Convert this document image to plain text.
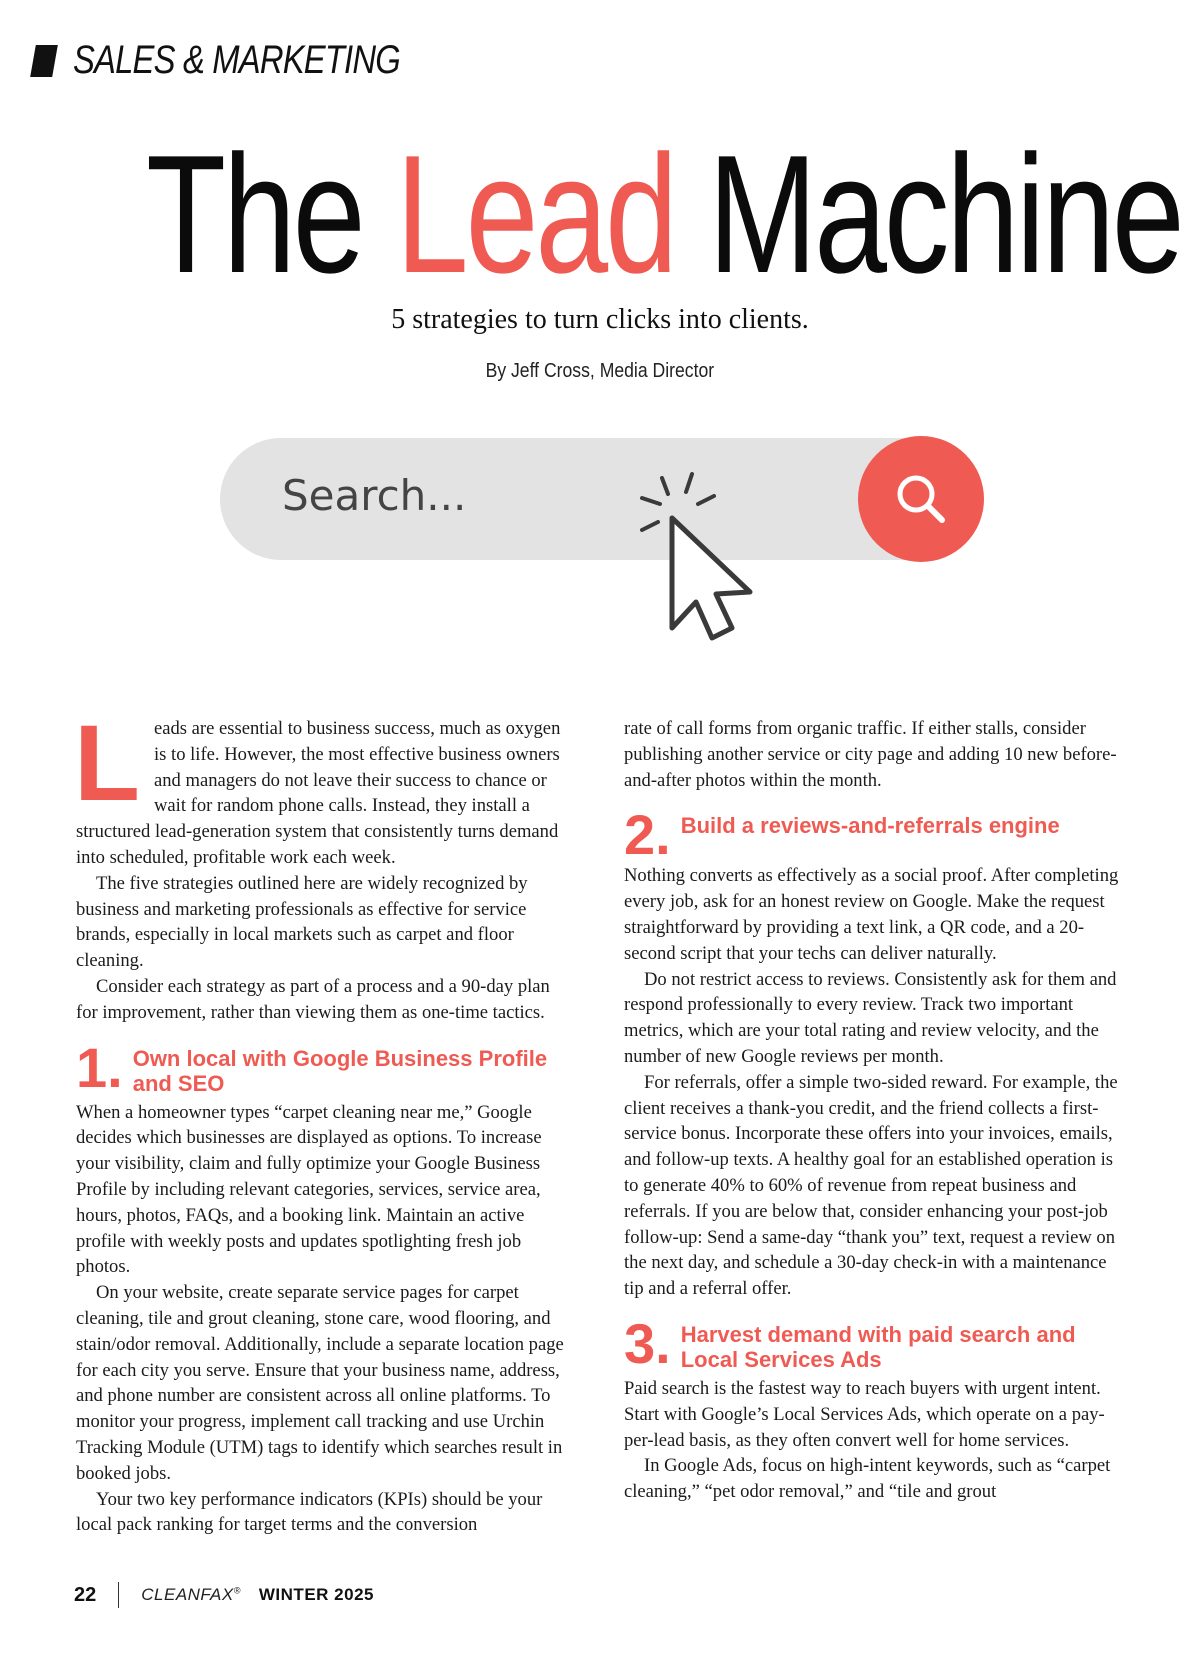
SALES & MARKETING
The Lead Machine
5 strategies to turn clicks into clients.
By Jeff Cross, Media Director
Search...

Leads are essential to business success, much as oxygen is to life. However, the most effective business owners and managers do not leave their success to chance or wait for random phone calls. Instead, they install a structured lead-generation system that consistently turns demand into scheduled, profitable work each week.

The five strategies outlined here are widely recognized by business and marketing professionals as effective for service brands, especially in local markets such as carpet and floor cleaning.

Consider each strategy as part of a process and a 90-day plan for improvement, rather than viewing them as one-time tactics.

1. Own local with Google Business Profile and SEO

When a homeowner types “carpet cleaning near me,” Google decides which businesses are displayed as options. To increase your visibility, claim and fully optimize your Google Business Profile by including relevant categories, services, service area, hours, photos, FAQs, and a booking link. Maintain an active profile with weekly posts and updates spotlighting fresh job photos.

On your website, create separate service pages for carpet cleaning, tile and grout cleaning, stone care, wood flooring, and stain/odor removal. Additionally, include a separate location page for each city you serve. Ensure that your business name, address, and phone number are consistent across all online platforms. To monitor your progress, implement call tracking and use Urchin Tracking Module (UTM) tags to identify which searches result in booked jobs.

Your two key performance indicators (KPIs) should be your local pack ranking for target terms and the conversion

rate of call forms from organic traffic. If either stalls, consider publishing another service or city page and adding 10 new before-and-after photos within the month.

2. Build a reviews-and-referrals engine

Nothing converts as effectively as a social proof. After completing every job, ask for an honest review on Google. Make the request straightforward by providing a text link, a QR code, and a 20-second script that your techs can deliver naturally.

Do not restrict access to reviews. Consistently ask for them and respond professionally to every review. Track two important metrics, which are your total rating and review velocity, and the number of new Google reviews per month.

For referrals, offer a simple two-sided reward. For example, the client receives a thank-you credit, and the friend collects a first-service bonus. Incorporate these offers into your invoices, emails, and follow-up texts. A healthy goal for an established operation is to generate 40% to 60% of revenue from repeat business and referrals. If you are below that, consider enhancing your post-job follow-up: Send a same-day “thank you” text, request a review on the next day, and schedule a 30-day check-in with a maintenance tip and a referral offer.

3. Harvest demand with paid search and Local Services Ads

Paid search is the fastest way to reach buyers with urgent intent. Start with Google’s Local Services Ads, which operate on a pay-per-lead basis, as they often convert well for home services.

In Google Ads, focus on high-intent keywords, such as “carpet cleaning,” “pet odor removal,” and “tile and grout

22	CLEANFAX® WINTER 2025
